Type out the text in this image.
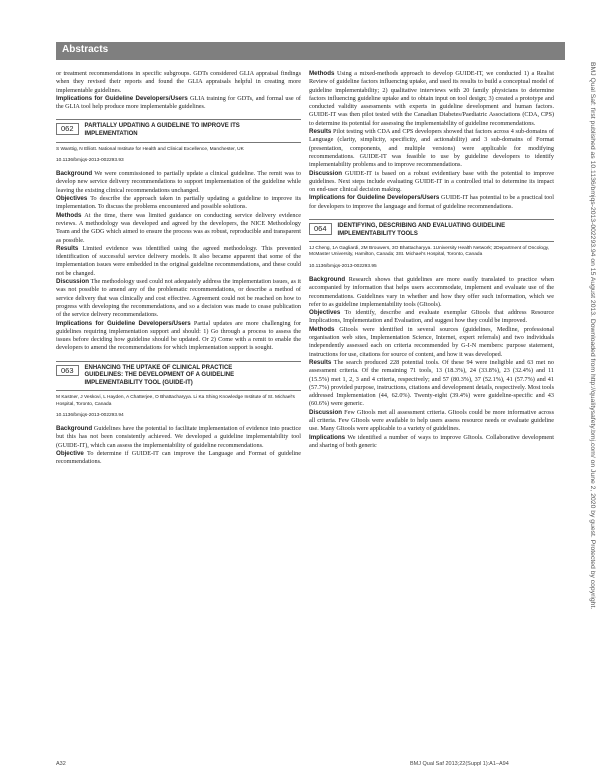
Abstracts

or treatment recommendations in specific subgroups. GDTs considered GLIA appraisal findings when they revised their reports and found the GLIA appraisals helpful in creating more implementable guidelines.

Implications for Guideline Developers/Users GLIA training for GDTs, and formal use of the GLIA tool help produce more implementable guidelines.

062 PARTIALLY UPDATING A GUIDELINE TO IMPROVE ITS IMPLEMENTATION
S Wanttig, N Elliott. National Institute for Health and Clinical Excellence, Manchester, UK
10.1136/bmjqs-2013-002293.93

Background We were commissioned to partially update a clinical guideline. The remit was to develop new service delivery recommendations to support implementation of the guideline while leaving the existing clinical recommendations unchanged.

Objectives To describe the approach taken in partially updating a guideline to improve its implementation. To discuss the problems encountered and possible solutions.

Methods At the time, there was limited guidance on conducting service delivery evidence reviews. A methodology was developed and agreed by the developers, the NICE Methodology Team and the GDG which aimed to ensure the process was as robust, reproducible and transparent as possible.

Results Limited evidence was identified using the agreed methodology. This prevented identification of successful service delivery models. It also became apparent that some of the implementation issues were embedded in the original guideline recommendations, and these could not be changed.

Discussion The methodology used could not adequately address the implementation issues, as it was not possible to amend any of the problematic recommendations, or describe a method of service delivery that was clinically and cost effective. Agreement could not be reached on how to progress with developing the recommendations, and so a decision was made to cease publication of the service delivery recommendations.

Implications for Guideline Developers/Users Partial updates are more challenging for guidelines requiring implementation support and should: 1) Go through a process to assess the issues before deciding how guideline should be updated. Or 2) Come with a remit to enable the developers to amend the recommendations for which implementation support is sought.

063 ENHANCING THE UPTAKE OF CLINICAL PRACTICE GUIDELINES: THE DEVELOPMENT OF A GUIDELINE IMPLEMENTABILITY TOOL (GUIDE-IT)
M Kastner, J Veskovi, L Hayden, A Chatterjee, O Bhattacharyya. Li Ka Shing Knowledge Institute of St. Michael's Hospital, Toronto, Canada
10.1136/bmjqs-2013-002293.94

Background Guidelines have the potential to facilitate implementation of evidence into practice but this has not been consistently achieved. We developed a guideline implementability tool (GUIDE-IT), which can assess the implementability of guideline recommendations.

Objective To determine if GUIDE-IT can improve the Language and Format of guideline recommendations.

Methods Using a mixed-methods approach to develop GUIDE-IT, we conducted 1) a Realist Review of guideline factors influencing uptake, and used its results to build a conceptual model of guideline implementability; 2) qualitative interviews with 20 family physicians to determine factors influencing guideline uptake and to obtain input on tool design; 3) created a prototype and conducted validity assessments with experts in guideline development and human factors. GUIDE-IT was then pilot tested with the Canadian Diabetes/Paediatric Associations (CDA, CPS) to determine its potential for assessing the implementability of guideline recommendations.

Results Pilot testing with CDA and CPS developers showed that factors across 4 sub-domains of Language (clarity, simplicity, specificity, and actionability) and 3 sub-domains of Format (presentation, components, and multiple versions) were applicable for modifying recommendations. GUIDE-IT was feasible to use by guideline developers to identify implementability problems and to improve recommendations.

Discussion GUIDE-IT is based on a robust evidentiary base with the potential to improve guidelines. Next steps include evaluating GUIDE-IT in a controlled trial to determine its impact on end-user clinical decision making.

Implications for Guideline Developers/Users GUIDE-IT has potential to be a practical tool for developers to improve the language and format of guideline recommendations.

064 IDENTIFYING, DESCRIBING AND EVALUATING GUIDELINE IMPLEMENTABILITY TOOLS
1J Cheng, 1A Gagliardi, 2M Brouwers, 3O Bhattacharyya. 1University Health Network; 2Department of Oncology, McMaster University, Hamilton, Canada; 3St. Michael's Hospital, Toronto, Canada
10.1136/bmjqs-2013-002293.95

Background Research shows that guidelines are more easily translated to practice when accompanied by information that helps users accommodate, implement and evaluate use of the recommendations. Guidelines vary in whether and how they offer such information, which we refer to as guideline implementability tools (GItools).

Objectives To identify, describe and evaluate exemplar GItools that address Resource Implications, Implementation and Evaluation, and suggest how they could be improved.

Methods GItools were identified in several sources (guidelines, Medline, professional organisation web sites, Implementation Science, Internet, expert referrals) and two individuals independently assessed each on criteria recommended by G-I-N members: purpose statement, instructions for use, citations for source of content, and how it was developed.

Results The search produced 228 potential tools. Of these 94 were ineligible and 63 met no assessment criteria. Of the remaining 71 tools, 13 (18.3%), 24 (33.8%), 23 (32.4%) and 11 (15.5%) met 1, 2, 3 and 4 criteria, respectively; and 57 (80.3%), 37 (52.1%), 41 (57.7%) and 41 (57.7%) provided purpose, instructions, citations and development details, respectively. Most tools addressed Implementation (44, 62.0%). Twenty-eight (39.4%) were guideline-specific and 43 (60.6%) were generic.

Discussion Few GItools met all assessment criteria. GItools could be more informative across all criteria. Few GItools were available to help users assess resource needs or evaluate guideline use. Many GItools were applicable to a variety of guidelines.

Implications We identified a number of ways to improve GItools. Collaborative development and sharing of both generic	BMJ Qual Saf: first published as 10.1136/bmjqs-2013-002293.94 on 15 August 2013. Downloaded from http://qualitysafety.bmj.com/ on June 2, 2020 by guest. Protected by copyright.
A32	BMJ Qual Saf 2013;22(Suppl 1):A1–A94
